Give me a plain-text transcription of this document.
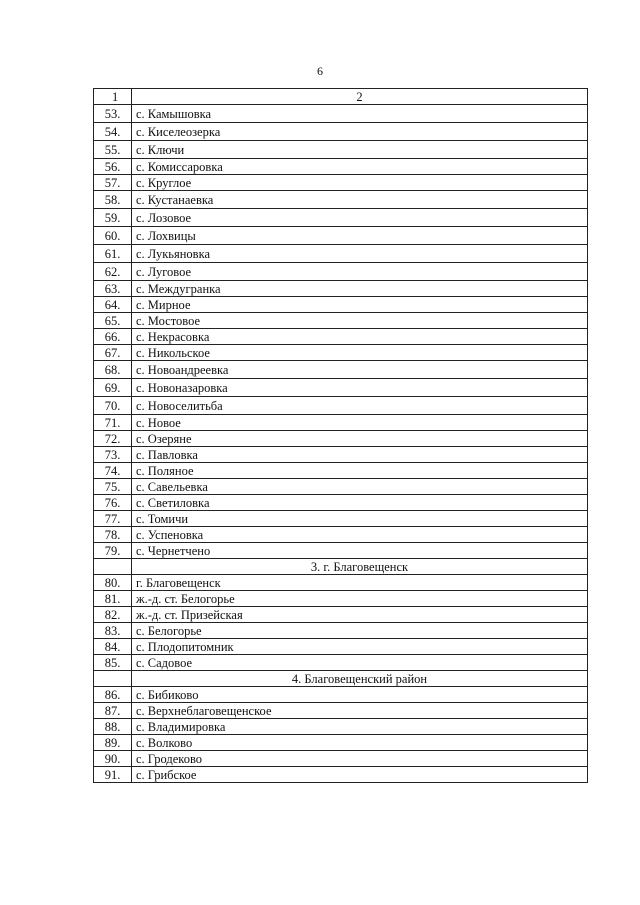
6
1	2
53.	с. Камышовка
54.	с. Киселеозерка
55.	с. Ключи
56.	с. Комиссаровка
57.	с. Круглое
58.	с. Кустанаевка
59.	с. Лозовое
60.	с. Лохвицы
61.	с. Лукьяновка
62.	с. Луговое
63.	с. Междугранка
64.	с. Мирное
65.	с. Мостовое
66.	с. Некрасовка
67.	с. Никольское
68.	с. Новоандреевка
69.	с. Новоназаровка
70.	с. Новоселитьба
71.	с. Новое
72.	с. Озеряне
73.	с. Павловка
74.	с. Поляное
75.	с. Савельевка
76.	с. Светиловка
77.	с. Томичи
78.	с. Успеновка
79.	с. Чернетчено
	3. г. Благовещенск
80.	г. Благовещенск
81.	ж.-д. ст. Белогорье
82.	ж.-д. ст. Призейская
83.	с. Белогорье
84.	с. Плодопитомник
85.	с. Садовое
	4. Благовещенский район
86.	с. Бибиково
87.	с. Верхнеблаговещенское
88.	с. Владимировка
89.	с. Волково
90.	с. Гродеково
91.	с. Грибское
